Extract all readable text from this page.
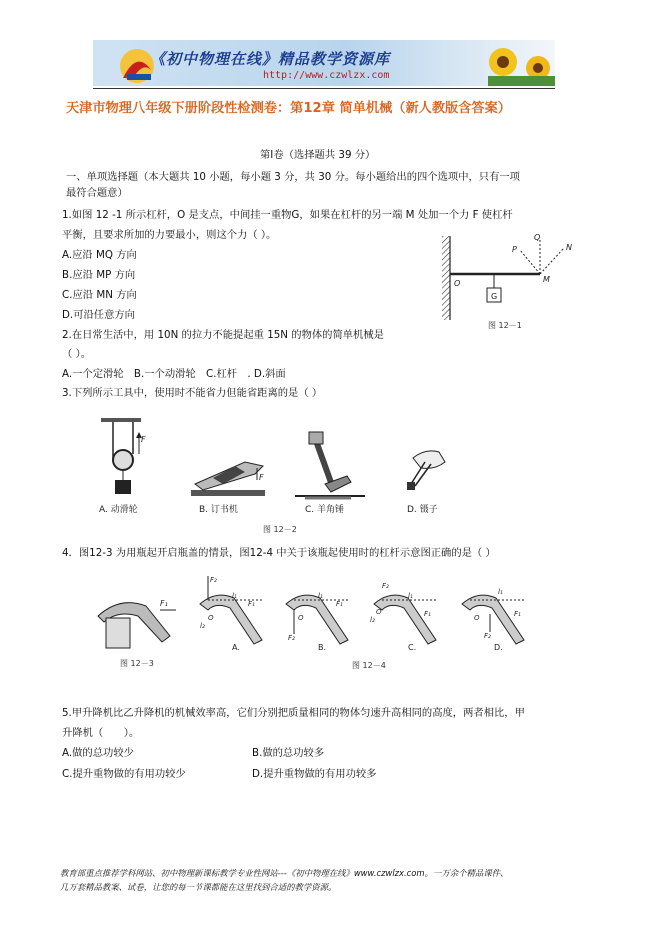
《初中物理在线》精品教学资源库
http://www.czwlzx.com
天津市物理八年级下册阶段性检测卷：第12章 简单机械（新人教版含答案）
第Ⅰ卷（选择题共 39 分）
一、单项选择题（本大题共 10 小题，每小题 3 分，共 30 分。每小题给出的四个选项中，只有一项
最符合题意）
1.如图 12 -1 所示杠杆，O 是支点，中间挂一重物G，如果在杠杆的另一端 M 处加一个力 F 使杠杆
平衡，且要求所加的力要最小，则这个力（ ）。
A.应沿 MQ 方向
B.应沿 MP 方向
C.应沿 MN 方向
D.可沿任意方向
Q
P	N
O	M
G
图 12－1
2.在日常生活中，用 10N 的拉力不能提起重 15N 的物体的简单机械是
（ ）。
A.一个定滑轮　B.一个动滑轮　C.杠杆　. D.斜面
3.下列所示工具中，使用时不能省力但能省距离的是（ ）
F
F
A. 动滑轮	B. 订书机	C. 羊角锤	D. 镊子
图 12－2
4．图12-3 为用瓶起开启瓶盖的情景，图12-4 中关于该瓶起使用时的杠杆示意图正确的是（ ）
F₁
图 12－3
F₂
l₁
F₁
O
l₂
A.
F₂
l₁
F₁
O
B.
F₂
l₁
F₁
O
l₂
C.
F₂
l₁
F₁
O
D.
图 12－4
5.甲升降机比乙升降机的机械效率高，它们分别把质量相同的物体匀速升高相同的高度，两者相比，甲
升降机（　　）。
A.做的总功较少	B.做的总功较多
C.提升重物做的有用功较少	D.提升重物做的有用功较多
教育部重点推荐学科网站、初中物理新课标教学专业性网站---《初中物理在线》www.czwlzx.com。一万余个精品课件、
几万套精品教案、试卷，让您的每一节课都能在这里找到合适的教学资源。
